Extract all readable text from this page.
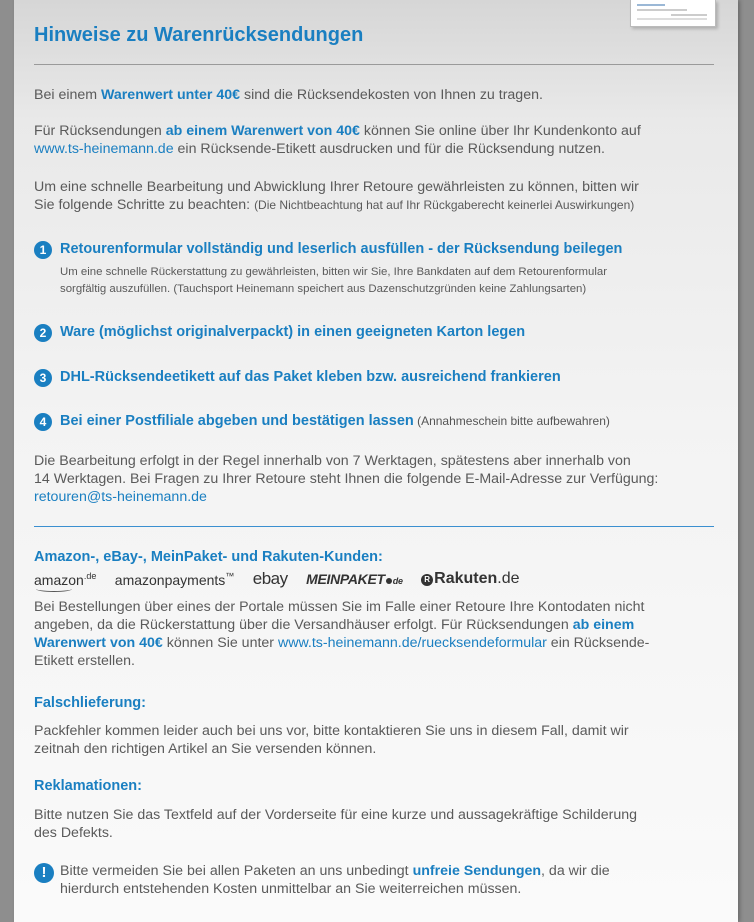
Hinweise zu Warenrücksendungen

Bei einem Warenwert unter 40€ sind die Rücksendekosten von Ihnen zu tragen.

Für Rücksendungen ab einem Warenwert von 40€ können Sie online über Ihr Kundenkonto auf
www.ts-heinemann.de ein Rücksende-Etikett ausdrucken und für die Rücksendung nutzen.

Um eine schnelle Bearbeitung und Abwicklung Ihrer Retoure gewährleisten zu können, bitten wir
Sie folgende Schritte zu beachten: (Die Nichtbeachtung hat auf Ihr Rückgaberecht keinerlei Auswirkungen)

1 Retourenformular vollständig und leserlich ausfüllen - der Rücksendung beilegen

Um eine schnelle Rückerstattung zu gewährleisten, bitten wir Sie, Ihre Bankdaten auf dem Retourenformular
sorgfältig auszufüllen. (Tauchsport Heinemann speichert aus Dazenschutzgründen keine Zahlungsarten)

2 Ware (möglichst originalverpackt) in einen geeigneten Karton legen
3 DHL-Rücksendeetikett auf das Paket kleben bzw. ausreichend frankieren
4 Bei einer Postfiliale abgeben und bestätigen lassen (Annahmeschein bitte aufbewahren)

Die Bearbeitung erfolgt in der Regel innerhalb von 7 Werktagen, spätestens aber innerhalb von
14 Werktagen. Bei Fragen zu Ihrer Retoure steht Ihnen die folgende E-Mail-Adresse zur Verfügung:
retouren@ts-heinemann.de

Amazon-, eBay-, MeinPaket- und Rakuten-Kunden:
amazon$^{.de}$ amazonpayments™ ebay MEINPAKET de	R Rakuten.de

Bei Bestellungen über eines der Portale müssen Sie im Falle einer Retoure Ihre Kontodaten nicht
angeben, da die Rückerstattung über die Versandhäuser erfolgt. Für Rücksendungen ab einem
Warenwert von 40€ können Sie unter www.ts-heinemann.de/ruecksendeformular ein Rücksende-
Etikett erstellen.

Falschlieferung:

Packfehler kommen leider auch bei uns vor, bitte kontaktieren Sie uns in diesem Fall, damit wir
zeitnah den richtigen Artikel an Sie versenden können.

Reklamationen:

Bitte nutzen Sie das Textfeld auf der Vorderseite für eine kurze und aussagekräftige Schilderung
des Defekts.

! Bitte vermeiden Sie bei allen Paketen an uns unbedingt unfreie Sendungen, da wir die
hierdurch entstehenden Kosten unmittelbar an Sie weiterreichen müssen.
